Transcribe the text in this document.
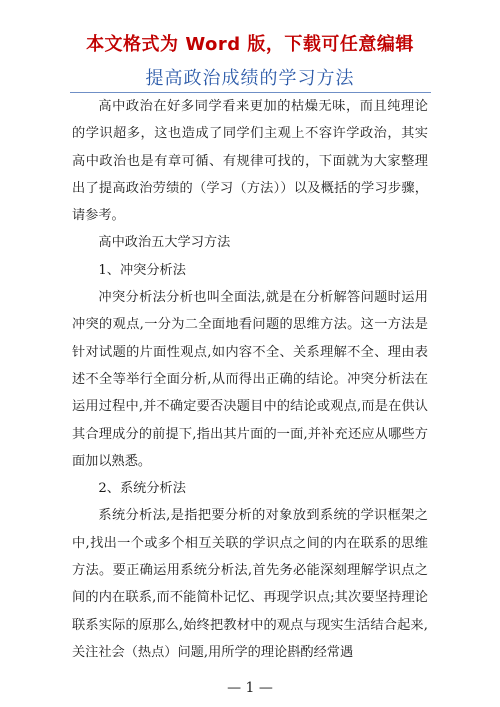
本文格式为 Word 版，下载可任意编辑
提高政治成绩的学习方法

高中政治在好多同学看来更加的枯燥无味，而且纯理论的学识超多，这也造成了同学们主观上不容许学政治，其实高中政治也是有章可循、有规律可找的，下面就为大家整理出了提高政治劳绩的（学习（方法））以及概括的学习步骤，请参考。

高中政治五大学习方法

1、冲突分析法

冲突分析法分析也叫全面法,就是在分析解答问题时运用冲突的观点,一分为二全面地看问题的思维方法。这一方法是针对试题的片面性观点,如内容不全、关系理解不全、理由表述不全等举行全面分析,从而得出正确的结论。冲突分析法在运用过程中,并不确定要否决题目中的结论或观点,而是在供认其合理成分的前提下,指出其片面的一面,并补充还应从哪些方面加以熟悉。

2、系统分析法

系统分析法,是指把要分析的对象放到系统的学识框架之中,找出一个或多个相互关联的学识点之间的内在联系的思维方法。要正确运用系统分析法,首先务必能深刻理解学识点之间的内在联系,而不能简朴记忆、再现学识点;其次要坚持理论联系实际的原那么,始终把教材中的观点与现实生活结合起来,关注社会（热点）问题,用所学的理论斟酌经常遇

— 1 —
